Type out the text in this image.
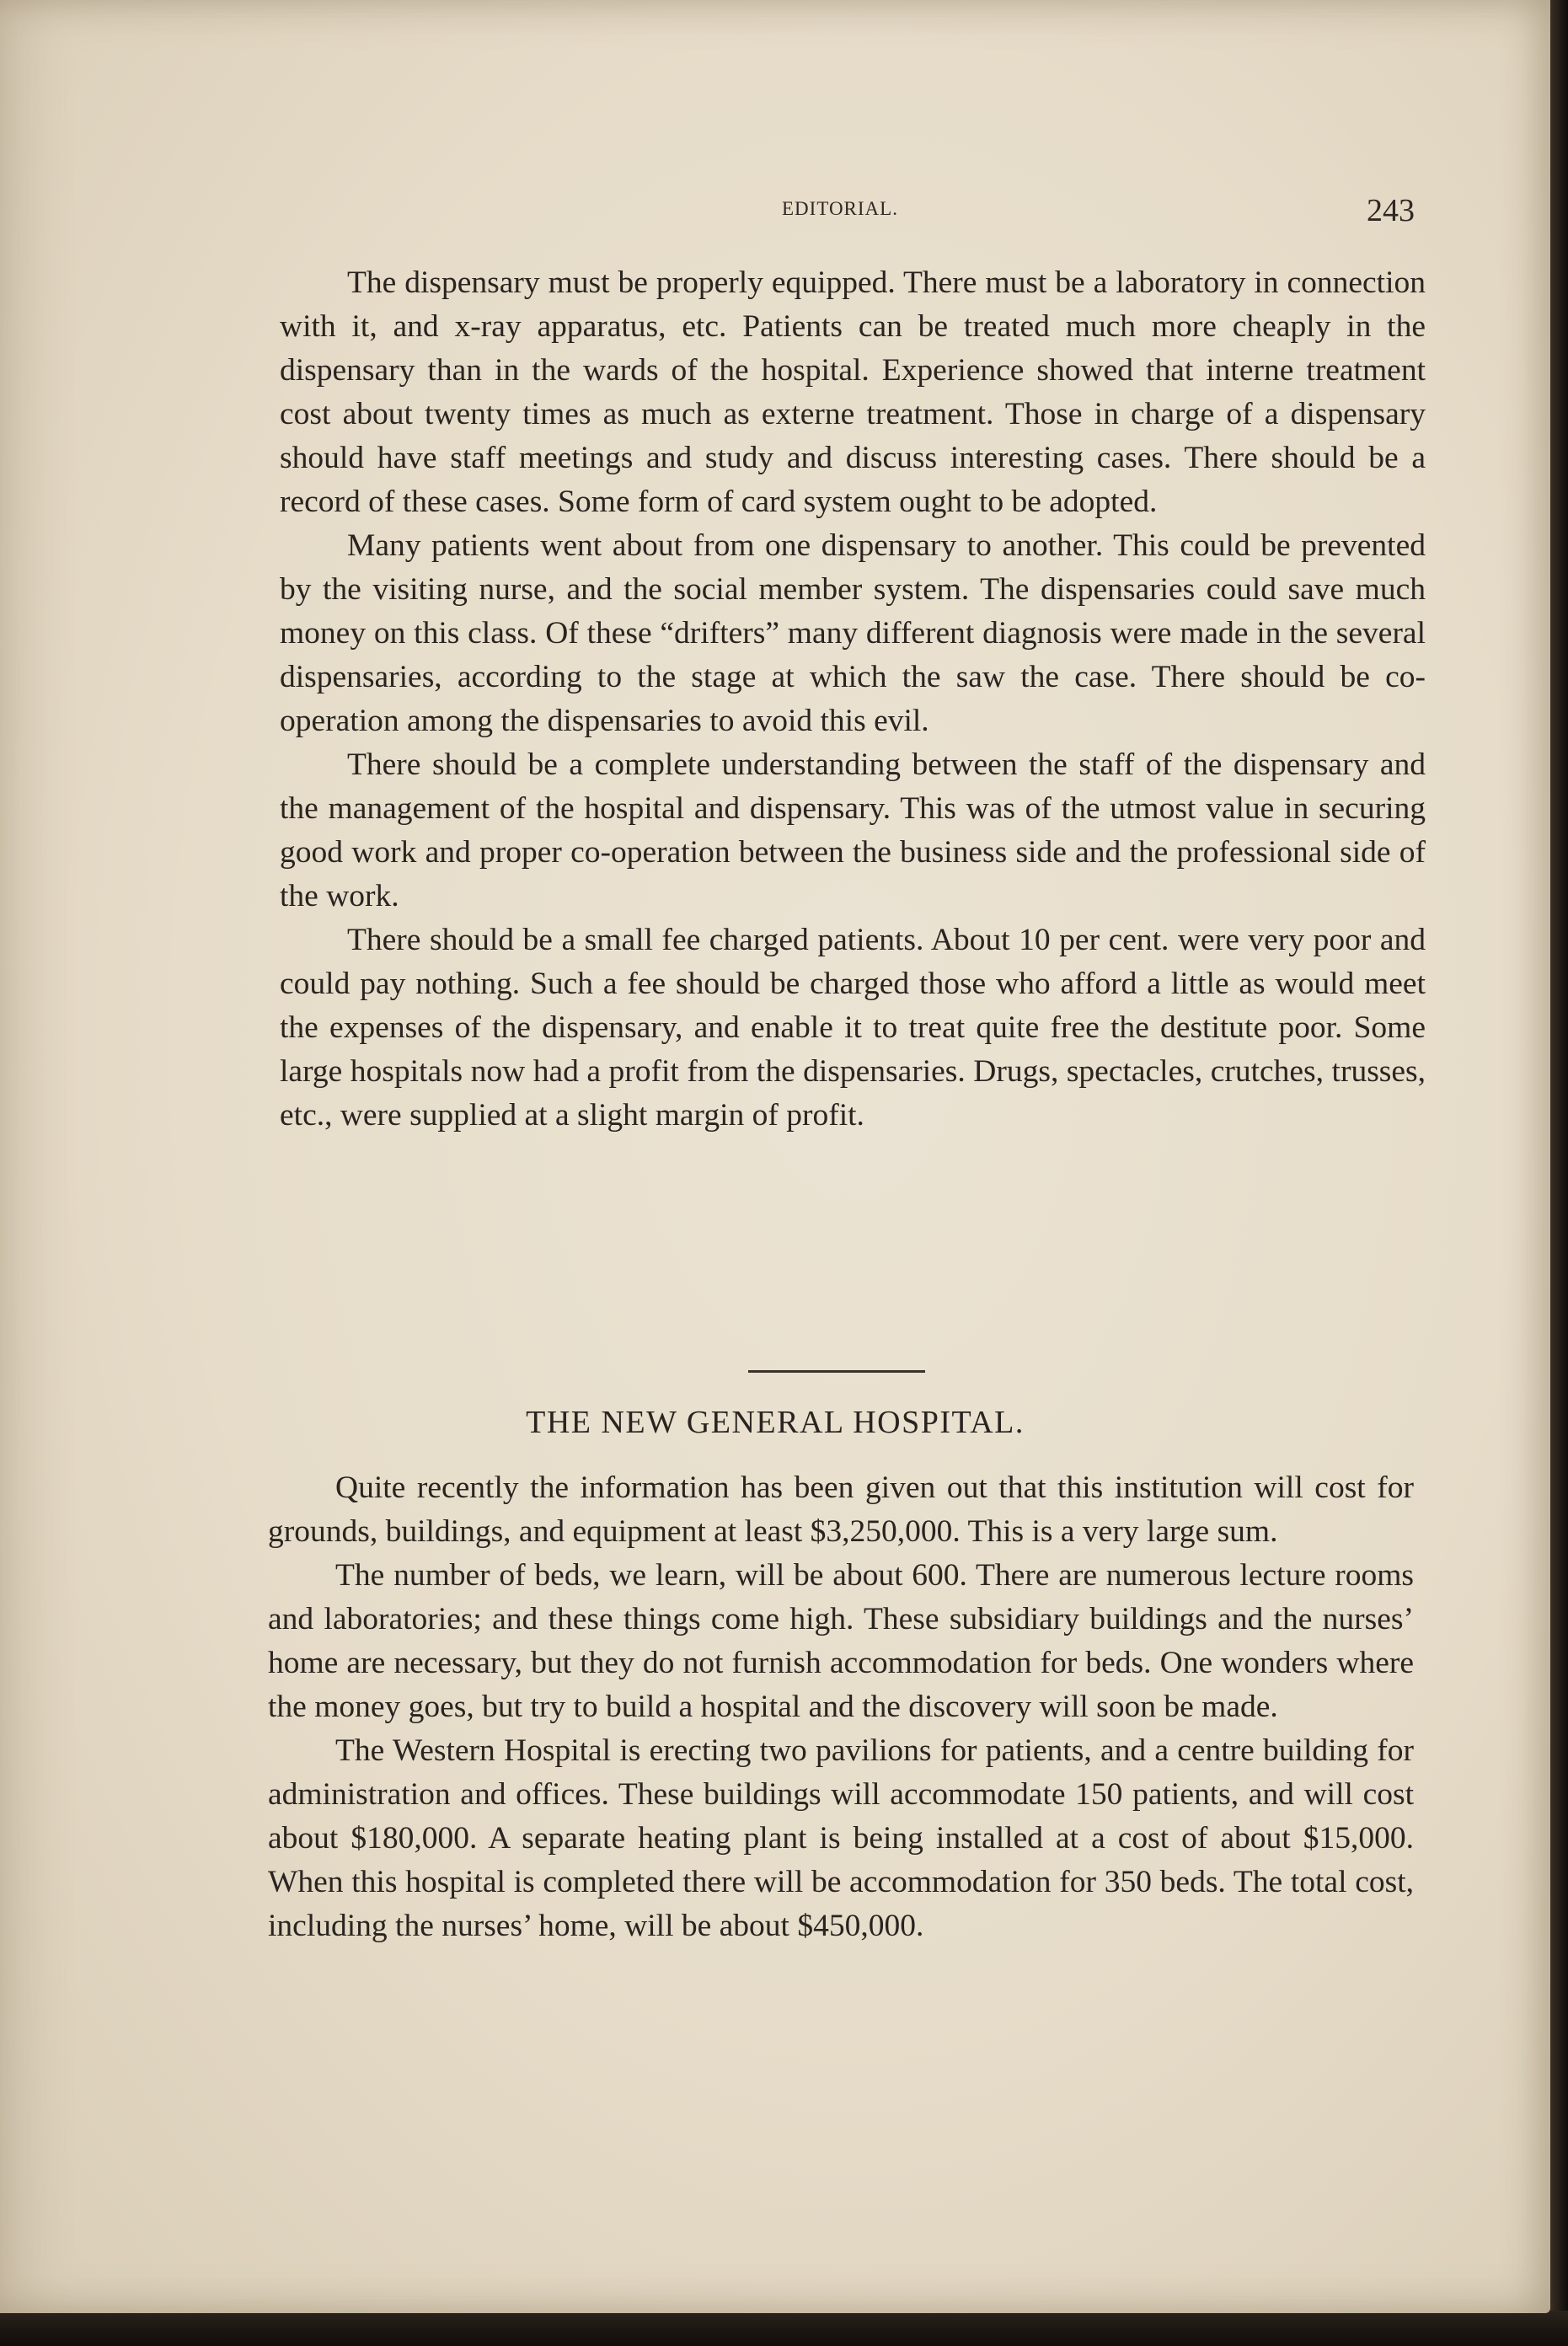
EDITORIAL.	243

The dispensary must be properly equipped. There must be a laboratory in connection with it, and x-ray apparatus, etc. Patients can be treated much more cheaply in the dispensary than in the wards of the hospital. Experience showed that interne treatment cost about twenty times as much as externe treatment. Those in charge of a dispensary should have staff meetings and study and discuss interesting cases. There should be a record of these cases. Some form of card system ought to be adopted.

Many patients went about from one dispensary to another. This could be prevented by the visiting nurse, and the social member system. The dispensaries could save much money on this class. Of these “drifters” many different diagnosis were made in the several dispensaries, according to the stage at which the saw the case. There should be co-operation among the dispensaries to avoid this evil.

There should be a complete understanding between the staff of the dispensary and the management of the hospital and dispensary. This was of the utmost value in securing good work and proper co-operation between the business side and the professional side of the work.

There should be a small fee charged patients. About 10 per cent. were very poor and could pay nothing. Such a fee should be charged those who afford a little as would meet the expenses of the dispensary, and enable it to treat quite free the destitute poor. Some large hospitals now had a profit from the dispensaries. Drugs, spectacles, crutches, trusses, etc., were supplied at a slight margin of profit.

THE NEW GENERAL HOSPITAL.

Quite recently the information has been given out that this institution will cost for grounds, buildings, and equipment at least $3,250,000. This is a very large sum.

The number of beds, we learn, will be about 600. There are numerous lecture rooms and laboratories; and these things come high. These subsidiary buildings and the nurses’ home are necessary, but they do not furnish accommodation for beds. One wonders where the money goes, but try to build a hospital and the discovery will soon be made.

The Western Hospital is erecting two pavilions for patients, and a centre building for administration and offices. These buildings will accommodate 150 patients, and will cost about $180,000. A separate heating plant is being installed at a cost of about $15,000. When this hospital is completed there will be accommodation for 350 beds. The total cost, including the nurses’ home, will be about $450,000.
